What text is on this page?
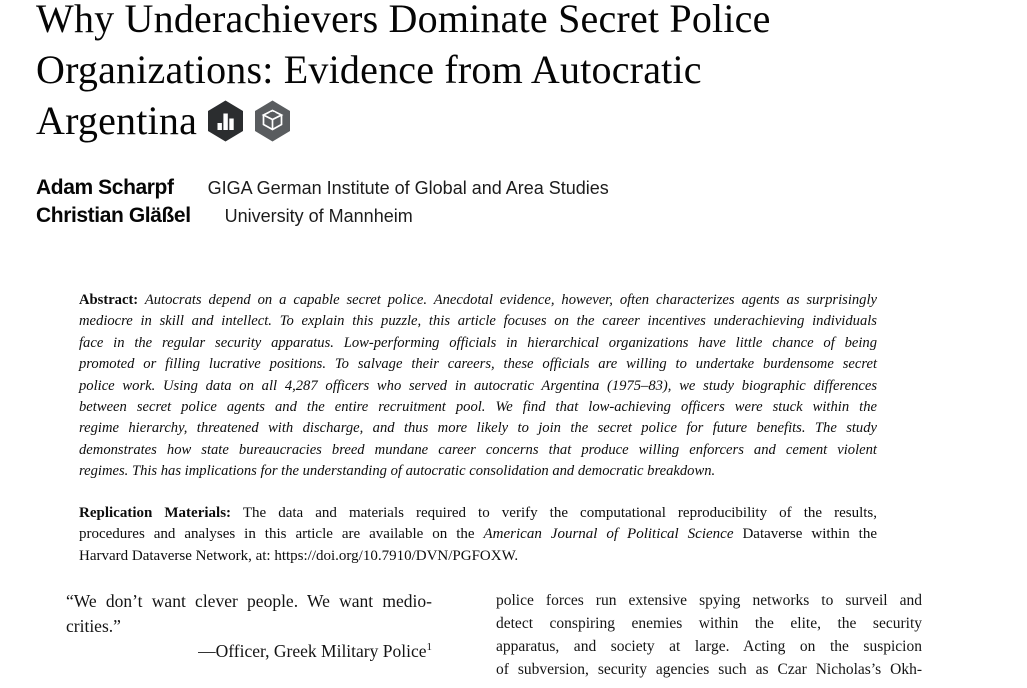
Why Underachievers Dominate Secret Police
Organizations: Evidence from Autocratic
Argentina
Adam Scharpf GIGA German Institute of Global and Area Studies
Christian Gläßel University of Mannheim
Abstract: Autocrats depend on a capable secret police. Anecdotal evidence, however, often characterizes agents as surprisingly
mediocre in skill and intellect. To explain this puzzle, this article focuses on the career incentives underachieving individuals
face in the regular security apparatus. Low-performing officials in hierarchical organizations have little chance of being
promoted or filling lucrative positions. To salvage their careers, these officials are willing to undertake burdensome secret
police work. Using data on all 4,287 officers who served in autocratic Argentina (1975–83), we study biographic differences
between secret police agents and the entire recruitment pool. We find that low-achieving officers were stuck within the
regime hierarchy, threatened with discharge, and thus more likely to join the secret police for future benefits. The study
demonstrates how state bureaucracies breed mundane career concerns that produce willing enforcers and cement violent
regimes. This has implications for the understanding of autocratic consolidation and democratic breakdown.
Replication Materials: The data and materials required to verify the computational reproducibility of the results,
procedures and analyses in this article are available on the American Journal of Political Science Dataverse within the
Harvard Dataverse Network, at: https://doi.org/10.7910/DVN/PGFOXW.
“We don’t want clever people. We want medio-
crities.”
—Officer, Greek Military Police$^1$
police forces run extensive spying networks to surveil and
detect conspiring enemies within the elite, the security
apparatus, and society at large. Acting on the suspicion
of subversion, security agencies such as Czar Nicholas’s Okh-
